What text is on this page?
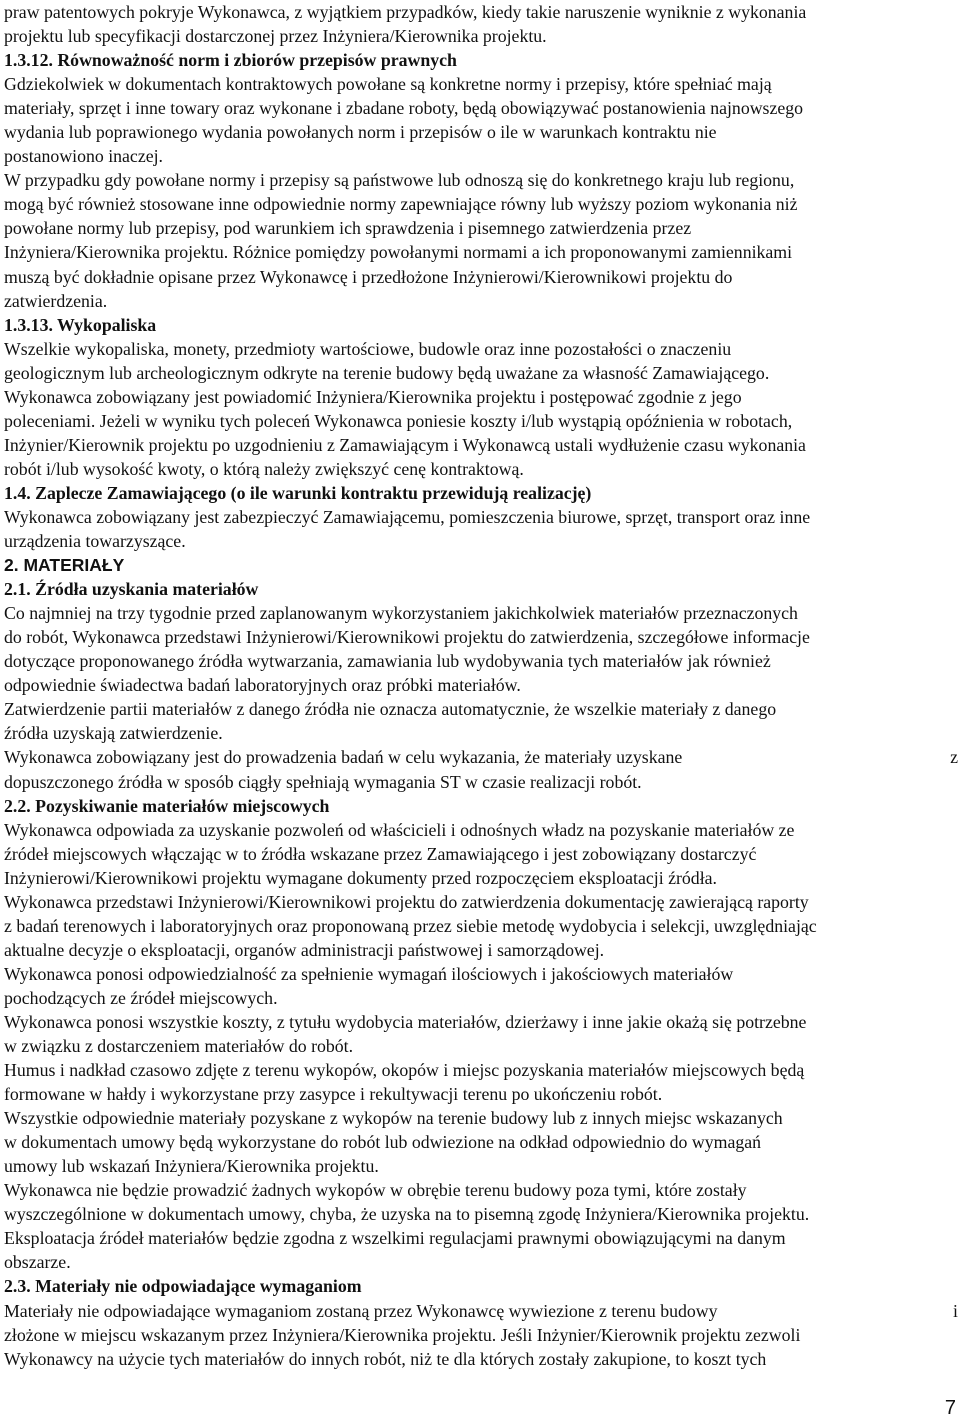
praw patentowych pokryje Wykonawca, z wyjątkiem przypadków, kiedy takie naruszenie wyniknie z wykonania
projektu lub specyfikacji dostarczonej przez Inżyniera/Kierownika projektu.
1.3.12. Równoważność norm i zbiorów przepisów prawnych
Gdziekolwiek w dokumentach kontraktowych powołane są konkretne normy i przepisy, które spełniać mają
materiały, sprzęt i inne towary oraz wykonane i zbadane roboty, będą obowiązywać postanowienia najnowszego
wydania lub poprawionego wydania powołanych norm i przepisów o ile w warunkach kontraktu nie
postanowiono inaczej.
W przypadku gdy powołane normy i przepisy są państwowe lub odnoszą się do konkretnego kraju lub regionu,
mogą być również stosowane inne odpowiednie normy zapewniające równy lub wyższy poziom wykonania niż
powołane normy lub przepisy, pod warunkiem ich sprawdzenia i pisemnego zatwierdzenia przez
Inżyniera/Kierownika projektu. Różnice pomiędzy powołanymi normami a ich proponowanymi zamiennikami
muszą być dokładnie opisane przez Wykonawcę i przedłożone Inżynierowi/Kierownikowi projektu do
zatwierdzenia.
1.3.13. Wykopaliska
Wszelkie wykopaliska, monety, przedmioty wartościowe, budowle oraz inne pozostałości o znaczeniu
geologicznym lub archeologicznym odkryte na terenie budowy będą uważane za własność Zamawiającego.
Wykonawca zobowiązany jest powiadomić Inżyniera/Kierownika projektu i postępować zgodnie z jego
poleceniami. Jeżeli w wyniku tych poleceń Wykonawca poniesie koszty i/lub wystąpią opóźnienia w robotach,
Inżynier/Kierownik projektu po uzgodnieniu z Zamawiającym i Wykonawcą ustali wydłużenie czasu wykonania
robót i/lub wysokość kwoty, o którą należy zwiększyć cenę kontraktową.
1.4. Zaplecze Zamawiającego (o ile warunki kontraktu przewidują realizację)
Wykonawca zobowiązany jest zabezpieczyć Zamawiającemu, pomieszczenia biurowe, sprzęt, transport oraz inne
urządzenia towarzyszące.
2. MATERIAŁY
2.1. Źródła uzyskania materiałów
Co najmniej na trzy tygodnie przed zaplanowanym wykorzystaniem jakichkolwiek materiałów przeznaczonych
do robót, Wykonawca przedstawi Inżynierowi/Kierownikowi projektu do zatwierdzenia, szczegółowe informacje
dotyczące proponowanego źródła wytwarzania, zamawiania lub wydobywania tych materiałów jak również
odpowiednie świadectwa badań laboratoryjnych oraz próbki materiałów.
Zatwierdzenie partii materiałów z danego źródła nie oznacza automatycznie, że wszelkie materiały z danego
źródła uzyskają zatwierdzenie.
Wykonawca zobowiązany jest do prowadzenia badań w celu wykazania, że materiały uzyskane	z
dopuszczonego źródła w sposób ciągły spełniają wymagania ST w czasie realizacji robót.
2.2. Pozyskiwanie materiałów miejscowych
Wykonawca odpowiada za uzyskanie pozwoleń od właścicieli i odnośnych władz na pozyskanie materiałów ze
źródeł miejscowych włączając w to źródła wskazane przez Zamawiającego i jest zobowiązany dostarczyć
Inżynierowi/Kierownikowi projektu wymagane dokumenty przed rozpoczęciem eksploatacji źródła.
Wykonawca przedstawi Inżynierowi/Kierownikowi projektu do zatwierdzenia dokumentację zawierającą raporty
z badań terenowych i laboratoryjnych oraz proponowaną przez siebie metodę wydobycia i selekcji, uwzględniając
aktualne decyzje o eksploatacji, organów administracji państwowej i samorządowej.
Wykonawca ponosi odpowiedzialność za spełnienie wymagań ilościowych i jakościowych materiałów
pochodzących ze źródeł miejscowych.
Wykonawca ponosi wszystkie koszty, z tytułu wydobycia materiałów, dzierżawy i inne jakie okażą się potrzebne
w związku z dostarczeniem materiałów do robót.
Humus i nadkład czasowo zdjęte z terenu wykopów, okopów i miejsc pozyskania materiałów miejscowych będą
formowane w hałdy i wykorzystane przy zasypce i rekultywacji terenu po ukończeniu robót.
Wszystkie odpowiednie materiały pozyskane z wykopów na terenie budowy lub z innych miejsc wskazanych
w dokumentach umowy będą wykorzystane do robót lub odwiezione na odkład odpowiednio do wymagań
umowy lub wskazań Inżyniera/Kierownika projektu.
Wykonawca nie będzie prowadzić żadnych wykopów w obrębie terenu budowy poza tymi, które zostały
wyszczególnione w dokumentach umowy, chyba, że uzyska na to pisemną zgodę Inżyniera/Kierownika projektu.
Eksploatacja źródeł materiałów będzie zgodna z wszelkimi regulacjami prawnymi obowiązującymi na danym
obszarze.
2.3. Materiały nie odpowiadające wymaganiom
Materiały nie odpowiadające wymaganiom zostaną przez Wykonawcę wywiezione z terenu budowy	i
złożone w miejscu wskazanym przez Inżyniera/Kierownika projektu. Jeśli Inżynier/Kierownik projektu zezwoli
Wykonawcy na użycie tych materiałów do innych robót, niż te dla których zostały zakupione, to koszt tych
7
